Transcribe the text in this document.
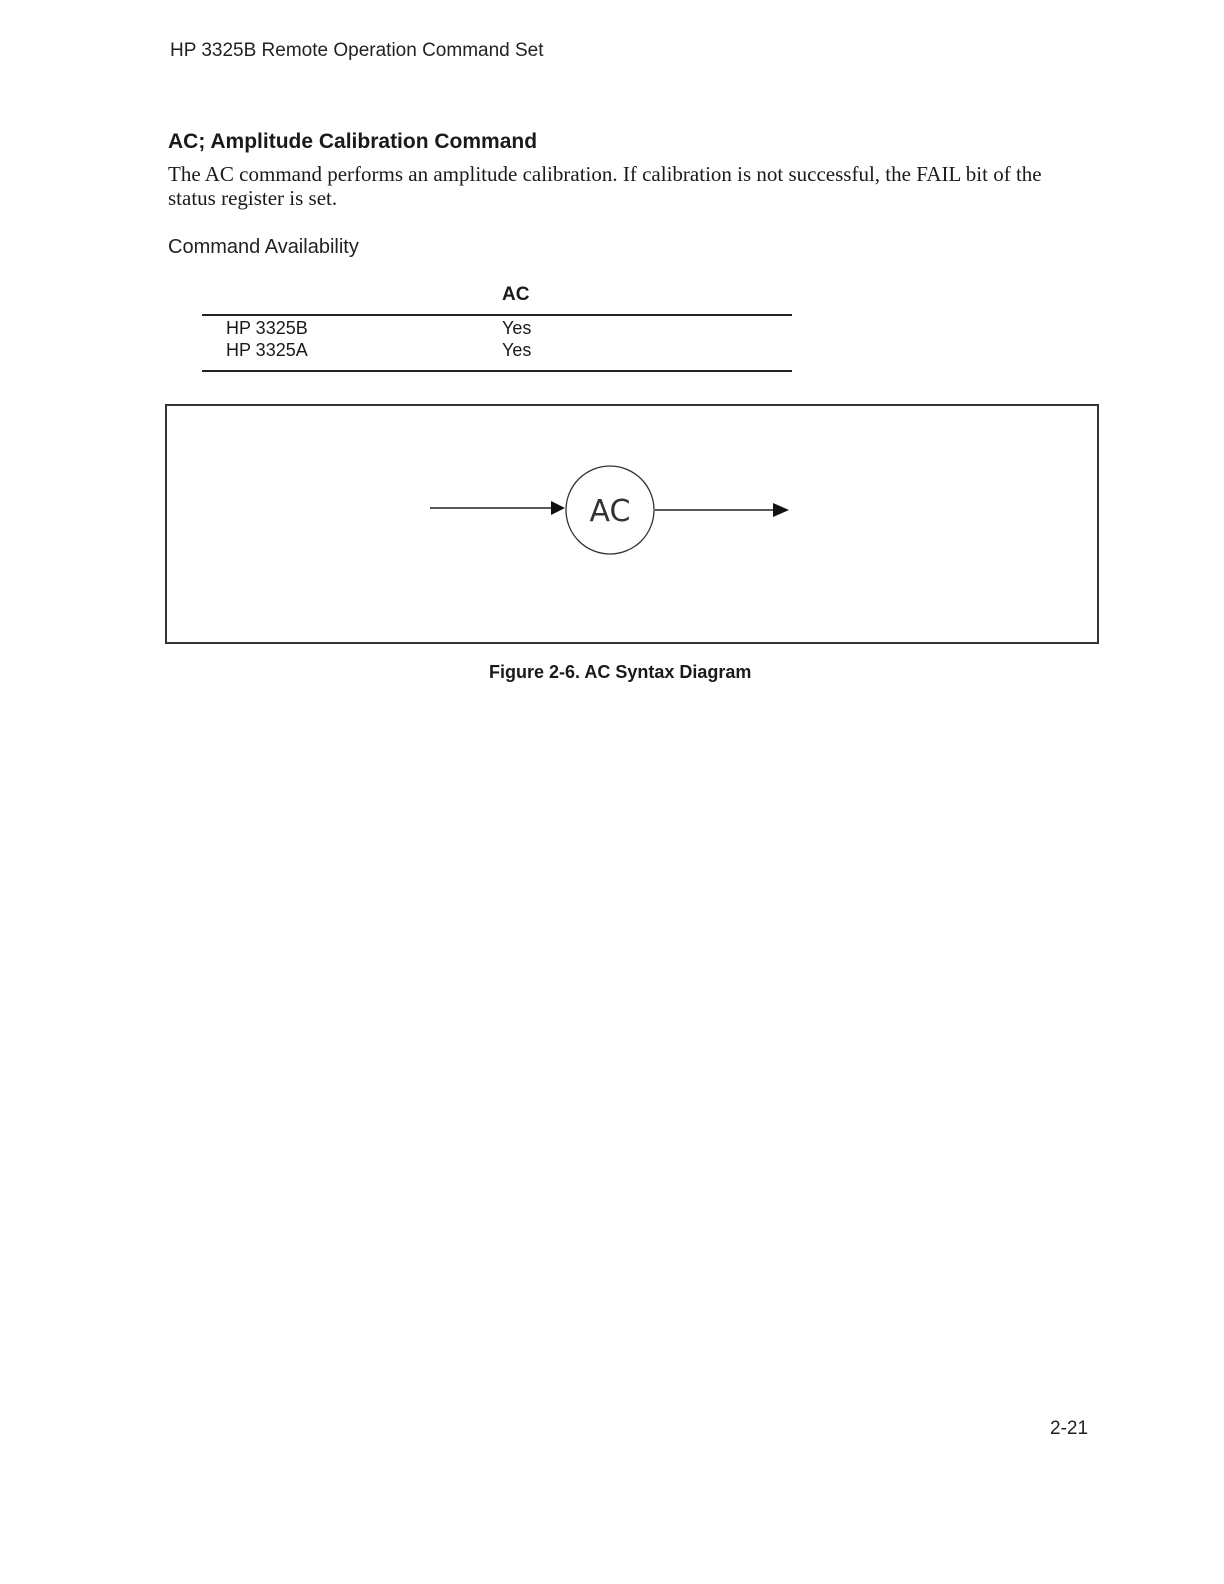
HP 3325B Remote Operation Command Set
AC; Amplitude Calibration Command
The AC command performs an amplitude calibration. If calibration is not successful, the FAIL bit of the status register is set.
Command Availability
AC
HP 3325B	Yes
HP 3325A	Yes
AC
Figure 2-6. AC Syntax Diagram
2-21
